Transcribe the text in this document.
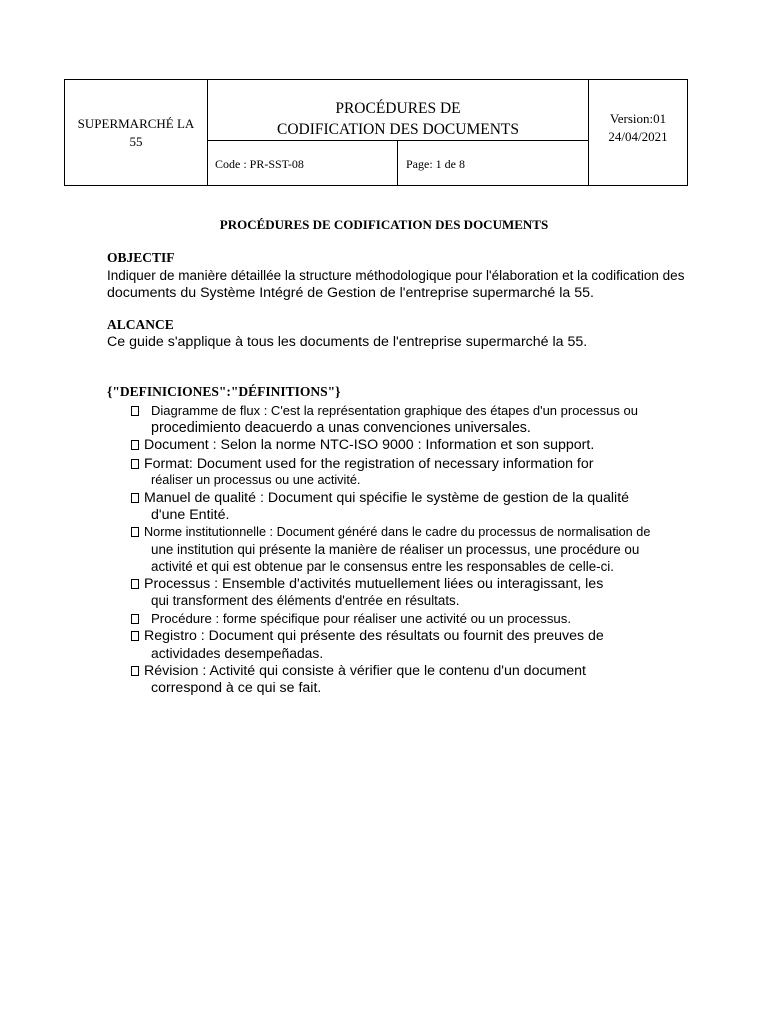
SUPERMARCHÉ LA
55
PROCÉDURES DE
CODIFICATION DES DOCUMENTS
Code : PR-SST-08	Page: 1 de 8
Version:01
24/04/2021
PROCÉDURES DE CODIFICATION DES DOCUMENTS
OBJECTIF
Indiquer de manière détaillée la structure méthodologique pour l'élaboration et la codification des
documents du Système Intégré de Gestion de l'entreprise supermarché la 55.
ALCANCE
Ce guide s'applique à tous les documents de l'entreprise supermarché la 55.
{"DEFINICIONES":"DÉFINITIONS"}
Diagramme de flux : C'est la représentation graphique des étapes d'un processus ou
procedimiento deacuerdo a unas convenciones universales.
Document : Selon la norme NTC-ISO 9000 : Information et son support.
Format: Document used for the registration of necessary information for
réaliser un processus ou une activité.
Manuel de qualité : Document qui spécifie le système de gestion de la qualité
d'une Entité.
Norme institutionnelle : Document généré dans le cadre du processus de normalisation de
une institution qui présente la manière de réaliser un processus, une procédure ou
activité et qui est obtenue par le consensus entre les responsables de celle-ci.
Processus : Ensemble d'activités mutuellement liées ou interagissant, les
qui transforment des éléments d'entrée en résultats.
Procédure : forme spécifique pour réaliser une activité ou un processus.
Registro : Document qui présente des résultats ou fournit des preuves de
actividades desempeñadas.
Révision : Activité qui consiste à vérifier que le contenu d'un document
correspond à ce qui se fait.
